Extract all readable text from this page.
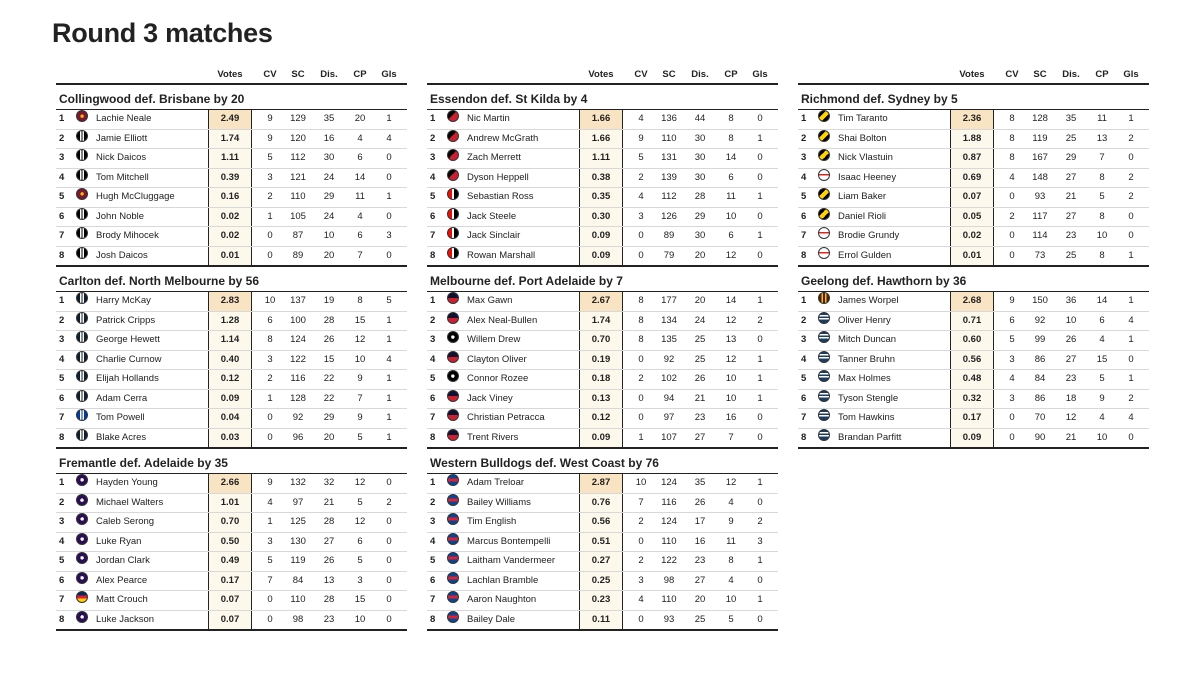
Round 3 matches
Votes	CV	SC	Dis.	CP	Gls
Collingwood def. Brisbane by 20
1	Lachie Neale	2.49	9	129	35	20	1
2	Jamie Elliott	1.74	9	120	16	4	4
3	Nick Daicos	1.11	5	112	30	6	0
4	Tom Mitchell	0.39	3	121	24	14	0
5	Hugh McCluggage	0.16	2	110	29	11	1
6	John Noble	0.02	1	105	24	4	0
7	Brody Mihocek	0.02	0	87	10	6	3
8	Josh Daicos	0.01	0	89	20	7	0
Carlton def. North Melbourne by 56
1	Harry McKay	2.83	10	137	19	8	5
2	Patrick Cripps	1.28	6	100	28	15	1
3	George Hewett	1.14	8	124	26	12	1
4	Charlie Curnow	0.40	3	122	15	10	4
5	Elijah Hollands	0.12	2	116	22	9	1
6	Adam Cerra	0.09	1	128	22	7	1
7	Tom Powell	0.04	0	92	29	9	1
8	Blake Acres	0.03	0	96	20	5	1
Fremantle def. Adelaide by 35
1	Hayden Young	2.66	9	132	32	12	0
2	Michael Walters	1.01	4	97	21	5	2
3	Caleb Serong	0.70	1	125	28	12	0
4	Luke Ryan	0.50	3	130	27	6	0
5	Jordan Clark	0.49	5	119	26	5	0
6	Alex Pearce	0.17	7	84	13	3	0
7	Matt Crouch	0.07	0	110	28	15	0
8	Luke Jackson	0.07	0	98	23	10	0
Votes	CV	SC	Dis.	CP	Gls
Essendon def. St Kilda by 4
1	Nic Martin	1.66	4	136	44	8	0
2	Andrew McGrath	1.66	9	110	30	8	1
3	Zach Merrett	1.11	5	131	30	14	0
4	Dyson Heppell	0.38	2	139	30	6	0
5	Sebastian Ross	0.35	4	112	28	11	1
6	Jack Steele	0.30	3	126	29	10	0
7	Jack Sinclair	0.09	0	89	30	6	1
8	Rowan Marshall	0.09	0	79	20	12	0
Melbourne def. Port Adelaide by 7
1	Max Gawn	2.67	8	177	20	14	1
2	Alex Neal-Bullen	1.74	8	134	24	12	2
3	Willem Drew	0.70	8	135	25	13	0
4	Clayton Oliver	0.19	0	92	25	12	1
5	Connor Rozee	0.18	2	102	26	10	1
6	Jack Viney	0.13	0	94	21	10	1
7	Christian Petracca	0.12	0	97	23	16	0
8	Trent Rivers	0.09	1	107	27	7	0
Western Bulldogs def. West Coast by 76
1	Adam Treloar	2.87	10	124	35	12	1
2	Bailey Williams	0.76	7	116	26	4	0
3	Tim English	0.56	2	124	17	9	2
4	Marcus Bontempelli	0.51	0	110	16	11	3
5	Laitham Vandermeer	0.27	2	122	23	8	1
6	Lachlan Bramble	0.25	3	98	27	4	0
7	Aaron Naughton	0.23	4	110	20	10	1
8	Bailey Dale	0.11	0	93	25	5	0
Votes	CV	SC	Dis.	CP	Gls
Richmond def. Sydney by 5
1	Tim Taranto	2.36	8	128	35	11	1
2	Shai Bolton	1.88	8	119	25	13	2
3	Nick Vlastuin	0.87	8	167	29	7	0
4	Isaac Heeney	0.69	4	148	27	8	2
5	Liam Baker	0.07	0	93	21	5	2
6	Daniel Rioli	0.05	2	117	27	8	0
7	Brodie Grundy	0.02	0	114	23	10	0
8	Errol Gulden	0.01	0	73	25	8	1
Geelong def. Hawthorn by 36
1	James Worpel	2.68	9	150	36	14	1
2	Oliver Henry	0.71	6	92	10	6	4
3	Mitch Duncan	0.60	5	99	26	4	1
4	Tanner Bruhn	0.56	3	86	27	15	0
5	Max Holmes	0.48	4	84	23	5	1
6	Tyson Stengle	0.32	3	86	18	9	2
7	Tom Hawkins	0.17	0	70	12	4	4
8	Brandan Parfitt	0.09	0	90	21	10	0
